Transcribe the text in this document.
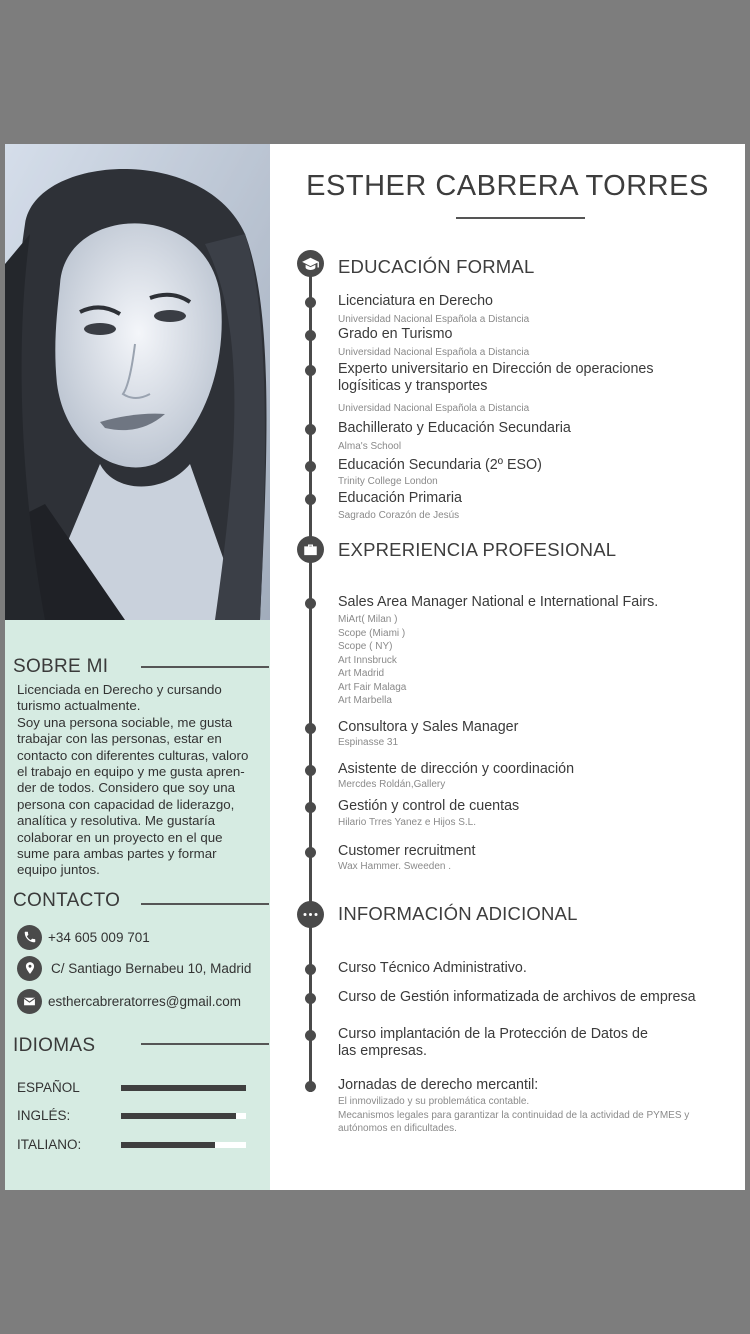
SOBRE MI
Licenciada en Derecho y cursando
turismo actualmente.
Soy una persona sociable, me gusta
trabajar con las personas, estar en
contacto con diferentes culturas, valoro
el trabajo en equipo y me gusta apren-
der de todos. Considero que soy una
persona con capacidad de liderazgo,
analítica y resolutiva. Me gustaría
colaborar en un proyecto en el que
sume para ambas partes y formar
equipo juntos.
CONTACTO
+34 605 009 701
C/ Santiago Bernabeu 10, Madrid
esthercabreratorres@gmail.com
IDIOMAS
ESPAÑOL
INGLÉS:
ITALIANO:
ESTHER CABRERA TORRES
EDUCACIÓN FORMAL
Licenciatura en Derecho
Universidad Nacional Española a Distancia
Grado en Turismo
Universidad Nacional Española a Distancia
Experto universitario en Dirección de operaciones
logísiticas y transportes
Universidad Nacional Española a Distancia
Bachillerato y Educación Secundaria
Alma's School
Educación Secundaria (2º ESO)
Trinity College London
Educación Primaria
Sagrado Corazón de Jesús
EXPRERIENCIA PROFESIONAL
Sales Area Manager National e International Fairs.
MiArt( Milan )
Scope (Miami )
Scope ( NY)
Art Innsbruck
Art Madrid
Art Fair Malaga
Art Marbella
Consultora y Sales Manager
Espinasse 31
Asistente de dirección y coordinación
Mercdes Roldán,Gallery
Gestión y control de cuentas
Hilario Trres Yanez e Hijos S.L.
Customer recruitment
Wax Hammer. Sweeden .
INFORMACIÓN ADICIONAL
Curso Técnico Administrativo.
Curso de Gestión informatizada de archivos de empresa
Curso implantación de la Protección de Datos de
las empresas.
Jornadas de derecho mercantil:
El inmovilizado y su problemática contable.
Mecanismos legales para garantizar la continuidad de la actividad de PYMES y
autónomos en dificultades.
